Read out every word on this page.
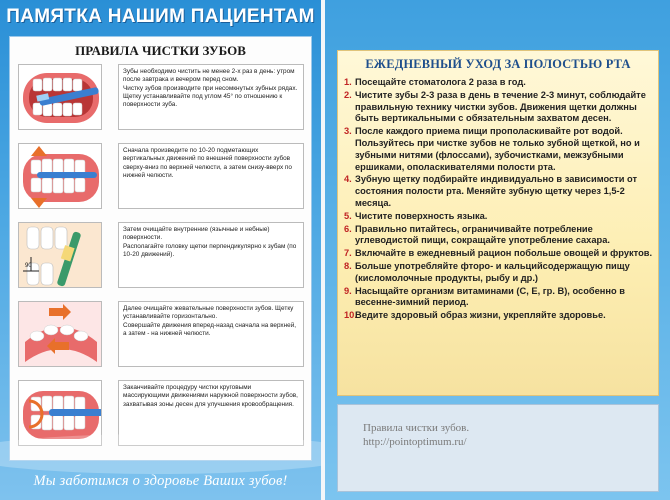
ПАМЯТКА НАШИМ ПАЦИЕНТАМ
ПРАВИЛА ЧИСТКИ ЗУБОВ

Зубы необходимо чистить не менее 2-х раз в день: утром после завтрака и вечером перед сном.

Чистку зубов производите при несомкнутых зубных рядах. Щетку устанавливайте под углом 45° по отношению к поверхности зуба.

Сначала произведите по 10-20 подметающих вертикальных движений по внешней поверхности зубов сверху-вниз по верхней челюсти, а затем снизу-вверх по нижней челюсти.

90

Затем очищайте внутренние (язычные и небные) поверхности.

Располагайте головку щетки перпендикулярно к зубам (по 10-20 движений).

Далее очищайте жевательные поверхности зубов. Щетку устанавливайте горизонтально.

Совершайте движения вперед-назад сначала на верхней, а затем - на нижней челюсти.

Заканчивайте процедуру чистки круговыми массирующими движениями наружной поверхности зубов, захватывая зоны десен для улучшения кровообращения.

Мы заботимся о здоровье Ваших зубов!
ЕЖЕДНЕВНЫЙ УХОД ЗА ПОЛОСТЬЮ РТА
1. Посещайте стоматолога 2 раза в год.
2. Чистите зубы 2-3 раза в день в течение 2-3 минут, соблюдайте правильную технику чистки зубов. Движения щетки должны быть вертикальными с обязательным захватом десен.
3. После каждого приема пищи прополаскивайте рот водой. Пользуйтесь при чистке зубов не только зубной щеткой, но и зубными нитями (флоссами), зубочистками, межзубными ершиками, ополаскивателями полости рта.
4. Зубную щетку подбирайте индивидуально в зависимости от состояния полости рта. Меняйте зубную щетку через 1,5-2 месяца.
5. Чистите поверхность языка.
6. Правильно питайтесь, ограничивайте потребление углеводистой пищи, сокращайте употребление сахара.
7. Включайте в ежедневный рацион побольше овощей и фруктов.
8. Больше употребляйте фторо- и кальцийсодержащую пищу (кисломолочные продукты, рыбу и др.)
9. Насыщайте организм витаминами (С, Е, гр. В), особенно в весенне-зимний период.
10.
Ведите здоровый образ жизни, укрепляйте здоровье.
Правила чистки зубов.
http://pointoptimum.ru/
